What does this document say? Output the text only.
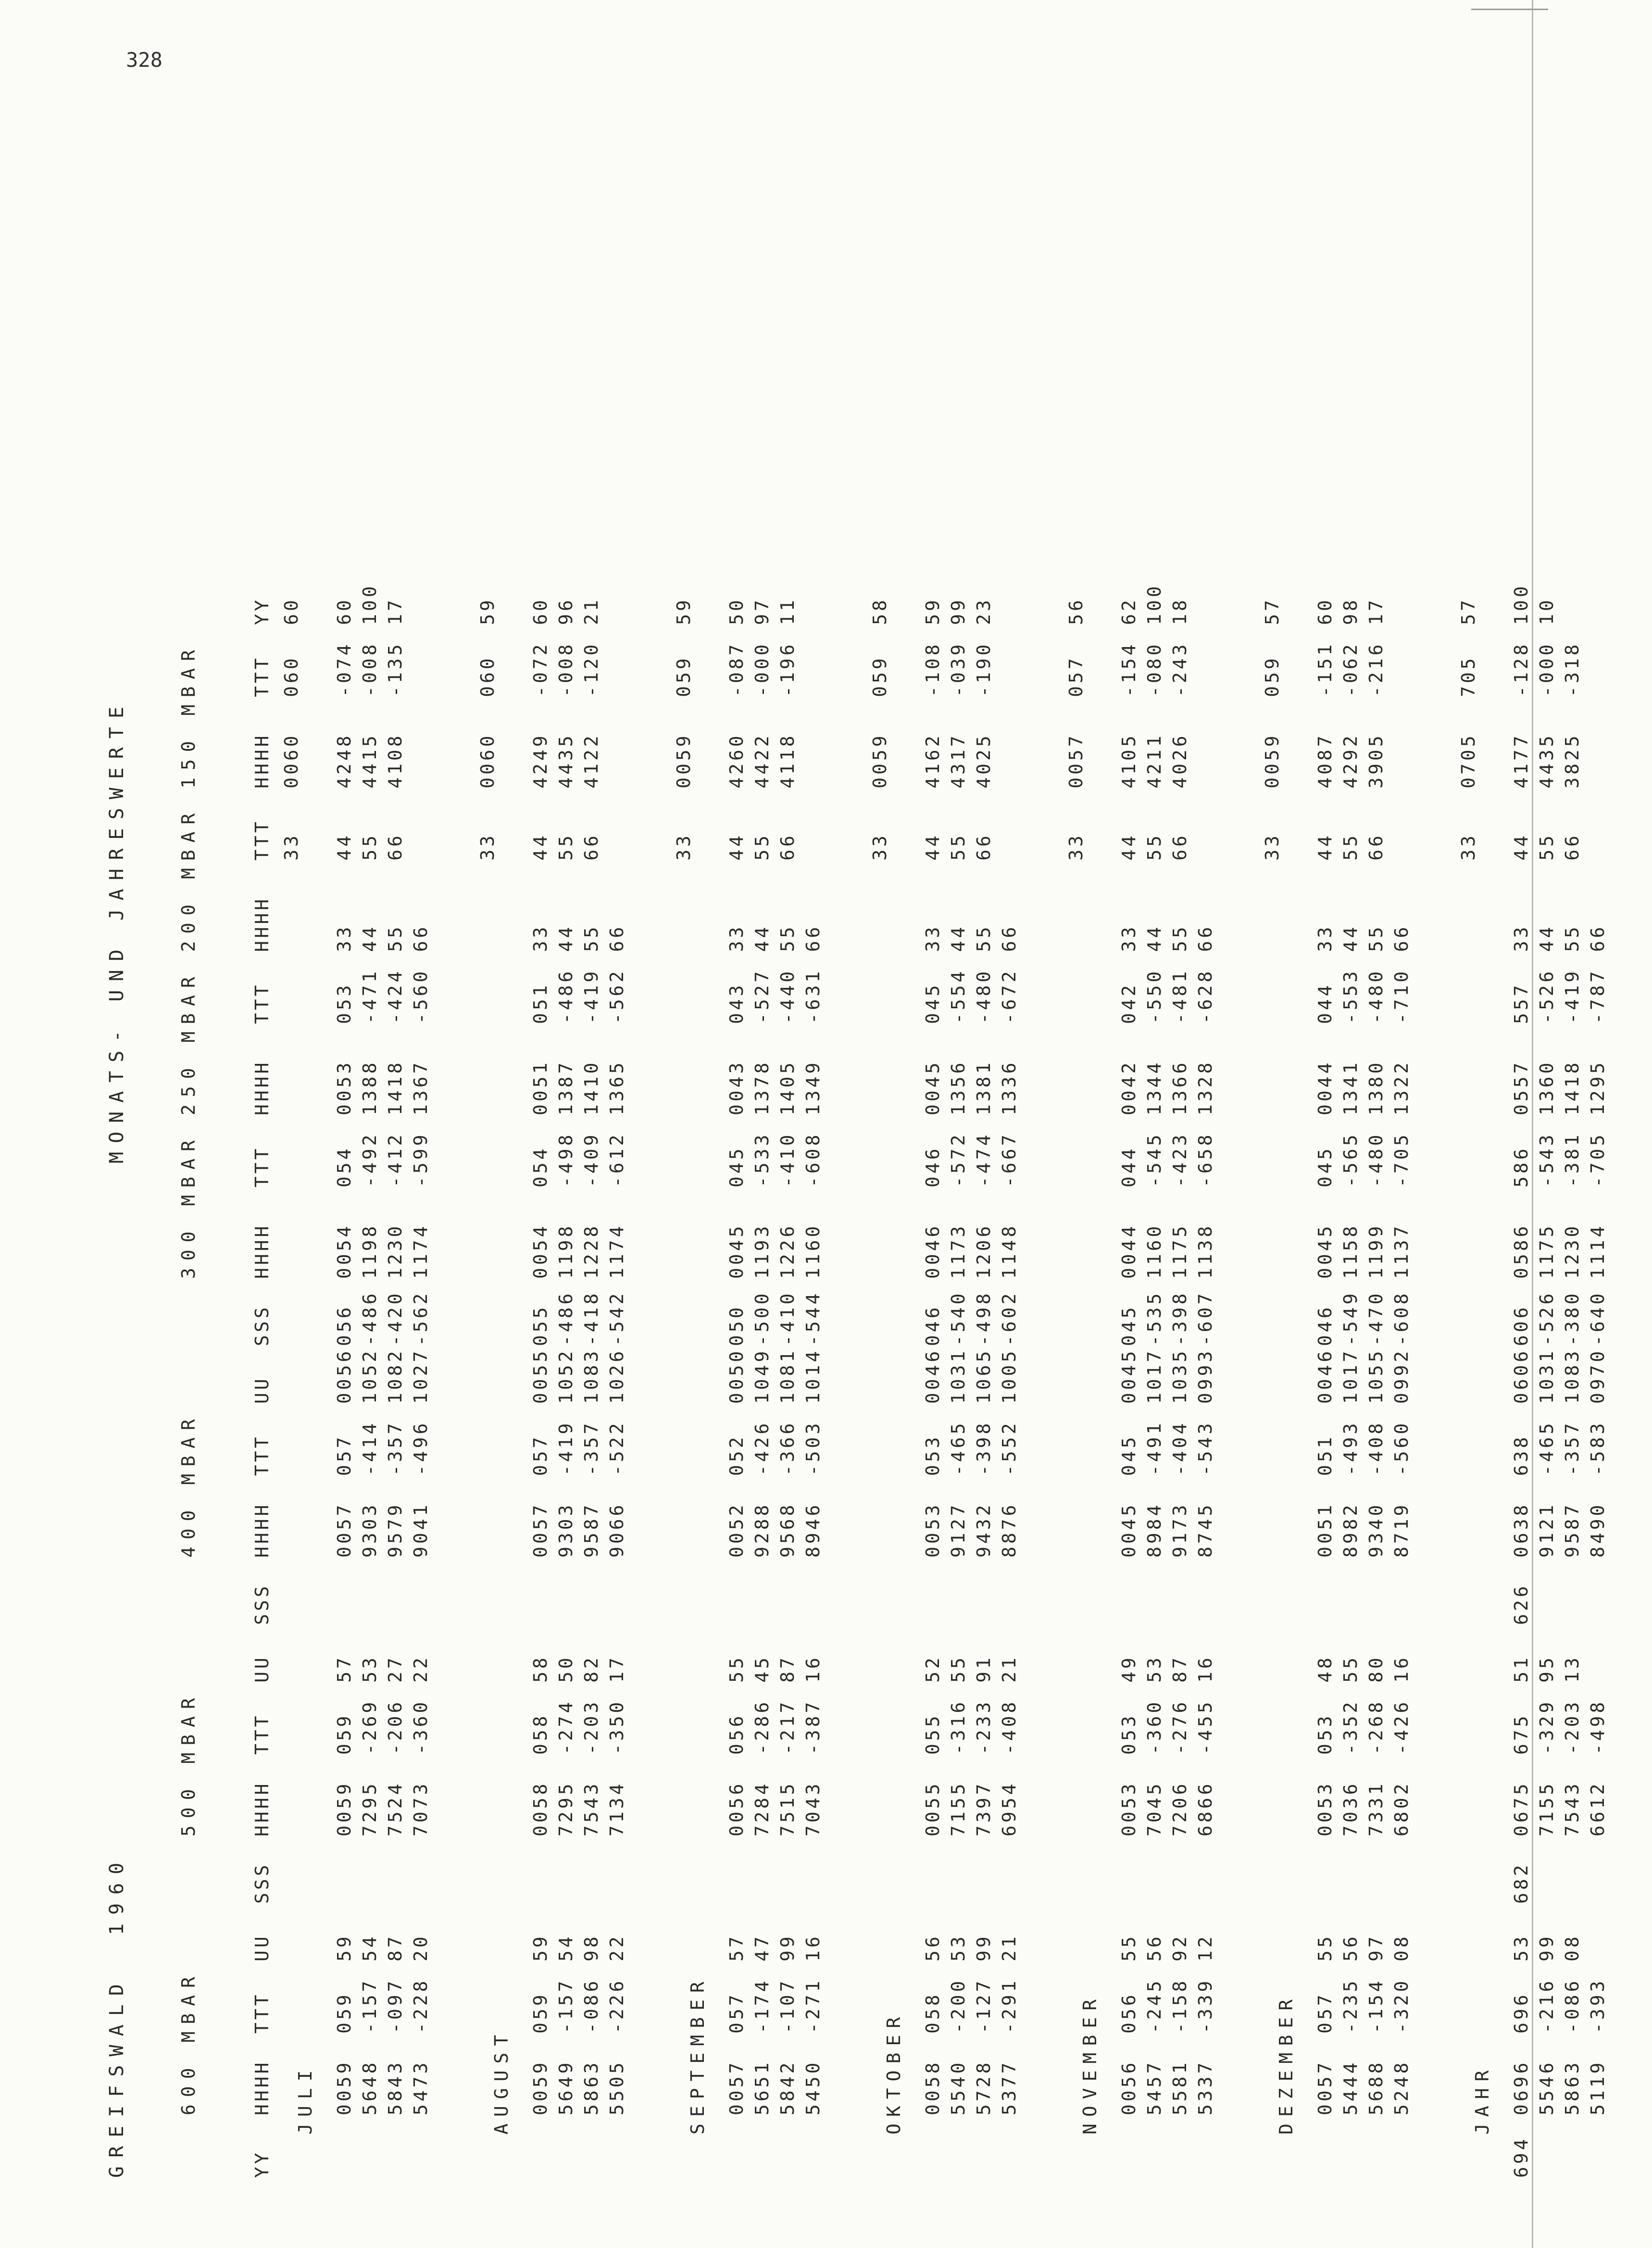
328
GREIFSWALD  1960
MONATS- UND JAHRESWERTE
600 MBAR
500 MBAR
400 MBAR
300 MBAR
250 MBAR
200 MBAR
150 MBAR
YY
HHHH
TTT
UU
SSS
HHHH
TTT
UU
SSS
HHHH
TTT
UU
SSS
HHHH
TTT
HHHH
TTT
HHHH
TTT
HHHH
TTT
YY
JULI
33
0060
060
60
0059
059
59
0059
059
57
0057
057
0056
056
0054
054
0053
053
33
44
4248
-074
60
5648
-157
54
7295
-269
53
9303
-414
1052
-486
1198
-492
1388
-471
44
55
4415
-008
100
5843
-097
87
7524
-206
27
9579
-357
1082
-420
1230
-412
1418
-424
55
66
4108
-135
17
5473
-228
20
7073
-360
22
9041
-496
1027
-562
1174
-599
1367
-560
66
AUGUST
33
0060
060
59
0059
059
59
0058
058
58
0057
057
0055
055
0054
054
0051
051
33
44
4249
-072
60
5649
-157
54
7295
-274
50
9303
-419
1052
-486
1198
-498
1387
-486
44
55
4435
-008
96
5863
-086
98
7543
-203
82
9587
-357
1083
-418
1228
-409
1410
-419
55
66
4122
-120
21
5505
-226
22
7134
-350
17
9066
-522
1026
-542
1174
-612
1365
-562
66
SEPTEMBER
33
0059
059
59
0057
057
57
0056
056
55
0052
052
0050
050
0045
045
0043
043
33
44
4260
-087
50
5651
-174
47
7284
-286
45
9288
-426
1049
-500
1193
-533
1378
-527
44
55
4422
-000
97
5842
-107
99
7515
-217
87
9568
-366
1081
-410
1226
-410
1405
-440
55
66
4118
-196
11
5450
-271
16
7043
-387
16
8946
-503
1014
-544
1160
-608
1349
-631
66
OKTOBER
33
0059
059
58
0058
058
56
0055
055
52
0053
053
0046
046
0046
046
0045
045
33
44
4162
-108
59
5540
-200
53
7155
-316
55
9127
-465
1031
-540
1173
-572
1356
-554
44
55
4317
-039
99
5728
-127
99
7397
-233
91
9432
-398
1065
-498
1206
-474
1381
-480
55
66
4025
-190
23
5377
-291
21
6954
-408
21
8876
-552
1005
-602
1148
-667
1336
-672
66
NOVEMBER
33
0057
057
56
0056
056
55
0053
053
49
0045
045
0045
045
0044
044
0042
042
33
44
4105
-154
62
5457
-245
56
7045
-360
53
8984
-491
1017
-535
1160
-545
1344
-550
44
55
4211
-080
100
5581
-158
92
7206
-276
87
9173
-404
1035
-398
1175
-423
1366
-481
55
66
4026
-243
18
5337
-339
12
6866
-455
16
8745
-543
0993
-607
1138
-658
1328
-628
66
DEZEMBER
33
0059
059
57
0057
057
55
0053
053
48
0051
051
0046
046
0045
045
0044
044
33
44
4087
-151
60
5444
-235
56
7036
-352
55
8982
-493
1017
-549
1158
-565
1341
-553
44
55
4292
-062
98
5688
-154
97
7331
-268
80
9340
-408
1055
-470
1199
-480
1380
-480
55
66
3905
-216
17
5248
-320
08
6802
-426
16
8719
-560
0992
-608
1137
-705
1322
-710
66
JAHR
33
0705
705
57
694
0696
696
53
682
0675
675
51
626
0638
638
0606
606
0586
586
0557
557
33
44
4177
-128
100
5546
-216
99
7155
-329
95
9121
-465
1031
-526
1175
-543
1360
-526
44
55
4435
-000
10
5863
-086
08
7543
-203
13
9587
-357
1083
-380
1230
-381
1418
-419
55
66
3825
-318
5119
-393
6612
-498
8490
-583
0970
-640
1114
-705
1295
-787
66
